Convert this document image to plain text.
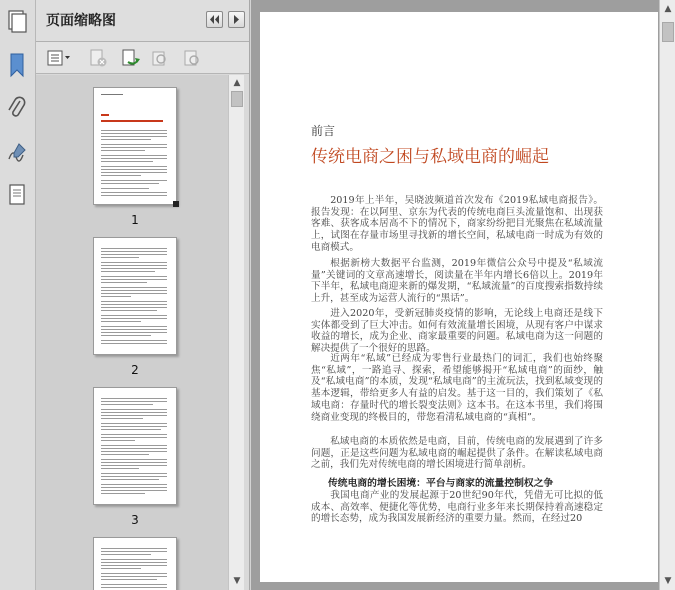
页面缩略图
1
2
3
▲
▼
前言
传统电商之困与私域电商的崛起

2019年上半年，吴晓波频道首次发布《2019私域电商报告》。报告发现：在以阿里、京东为代表的传统电商巨头流量饱和、出现获客难、获客成本居高不下的情况下，商家纷纷把目光聚焦在私域流量上，试图在存量市场里寻找新的增长空间，私域电商一时成为有效的电商模式。

根据新榜大数据平台监测，2019年微信公众号中提及“私域流量”关键词的文章高速增长，阅读量在半年内增长6倍以上。2019年下半年，私域电商迎来新的爆发期，“私域流量”的百度搜索指数持续上升，甚至成为运营人流行的“黑话”。

进入2020年，受新冠肺炎疫情的影响，无论线上电商还是线下实体都受到了巨大冲击。如何有效流量增长困境，从现有客户中谋求收益的增长，成为企业、商家最重要的问题。私域电商为这一问题的解决提供了一个很好的思路。

近两年“私域”已经成为零售行业最热门的词汇，我们也始终聚焦“私域”，一路追寻、探索，希望能够揭开“私域电商”的面纱，触及“私域电商”的本质，发现“私域电商”的主流玩法，找到私域变现的基本逻辑，带给更多人有益的启发。基于这一目的，我们策划了《私域电商：存量时代的增长裂变法则》这本书。在这本书里，我们将围绕商业变现的终极目的，带您看清私域电商的“真相”。

私域电商的本质依然是电商，目前，传统电商的发展遇到了许多问题，正是这些问题为私域电商的崛起提供了条件。在解读私域电商之前，我们先对传统电商的增长困境进行简单剖析。

传统电商的增长困境：平台与商家的流量控制权之争

我国电商产业的发展起源于20世纪90年代，凭借无可比拟的低成本、高效率、便捷化等优势，电商行业多年来长期保持着高速稳定的增长态势，成为我国发展新经济的重要力量。然而，在经过20

▲
▼
